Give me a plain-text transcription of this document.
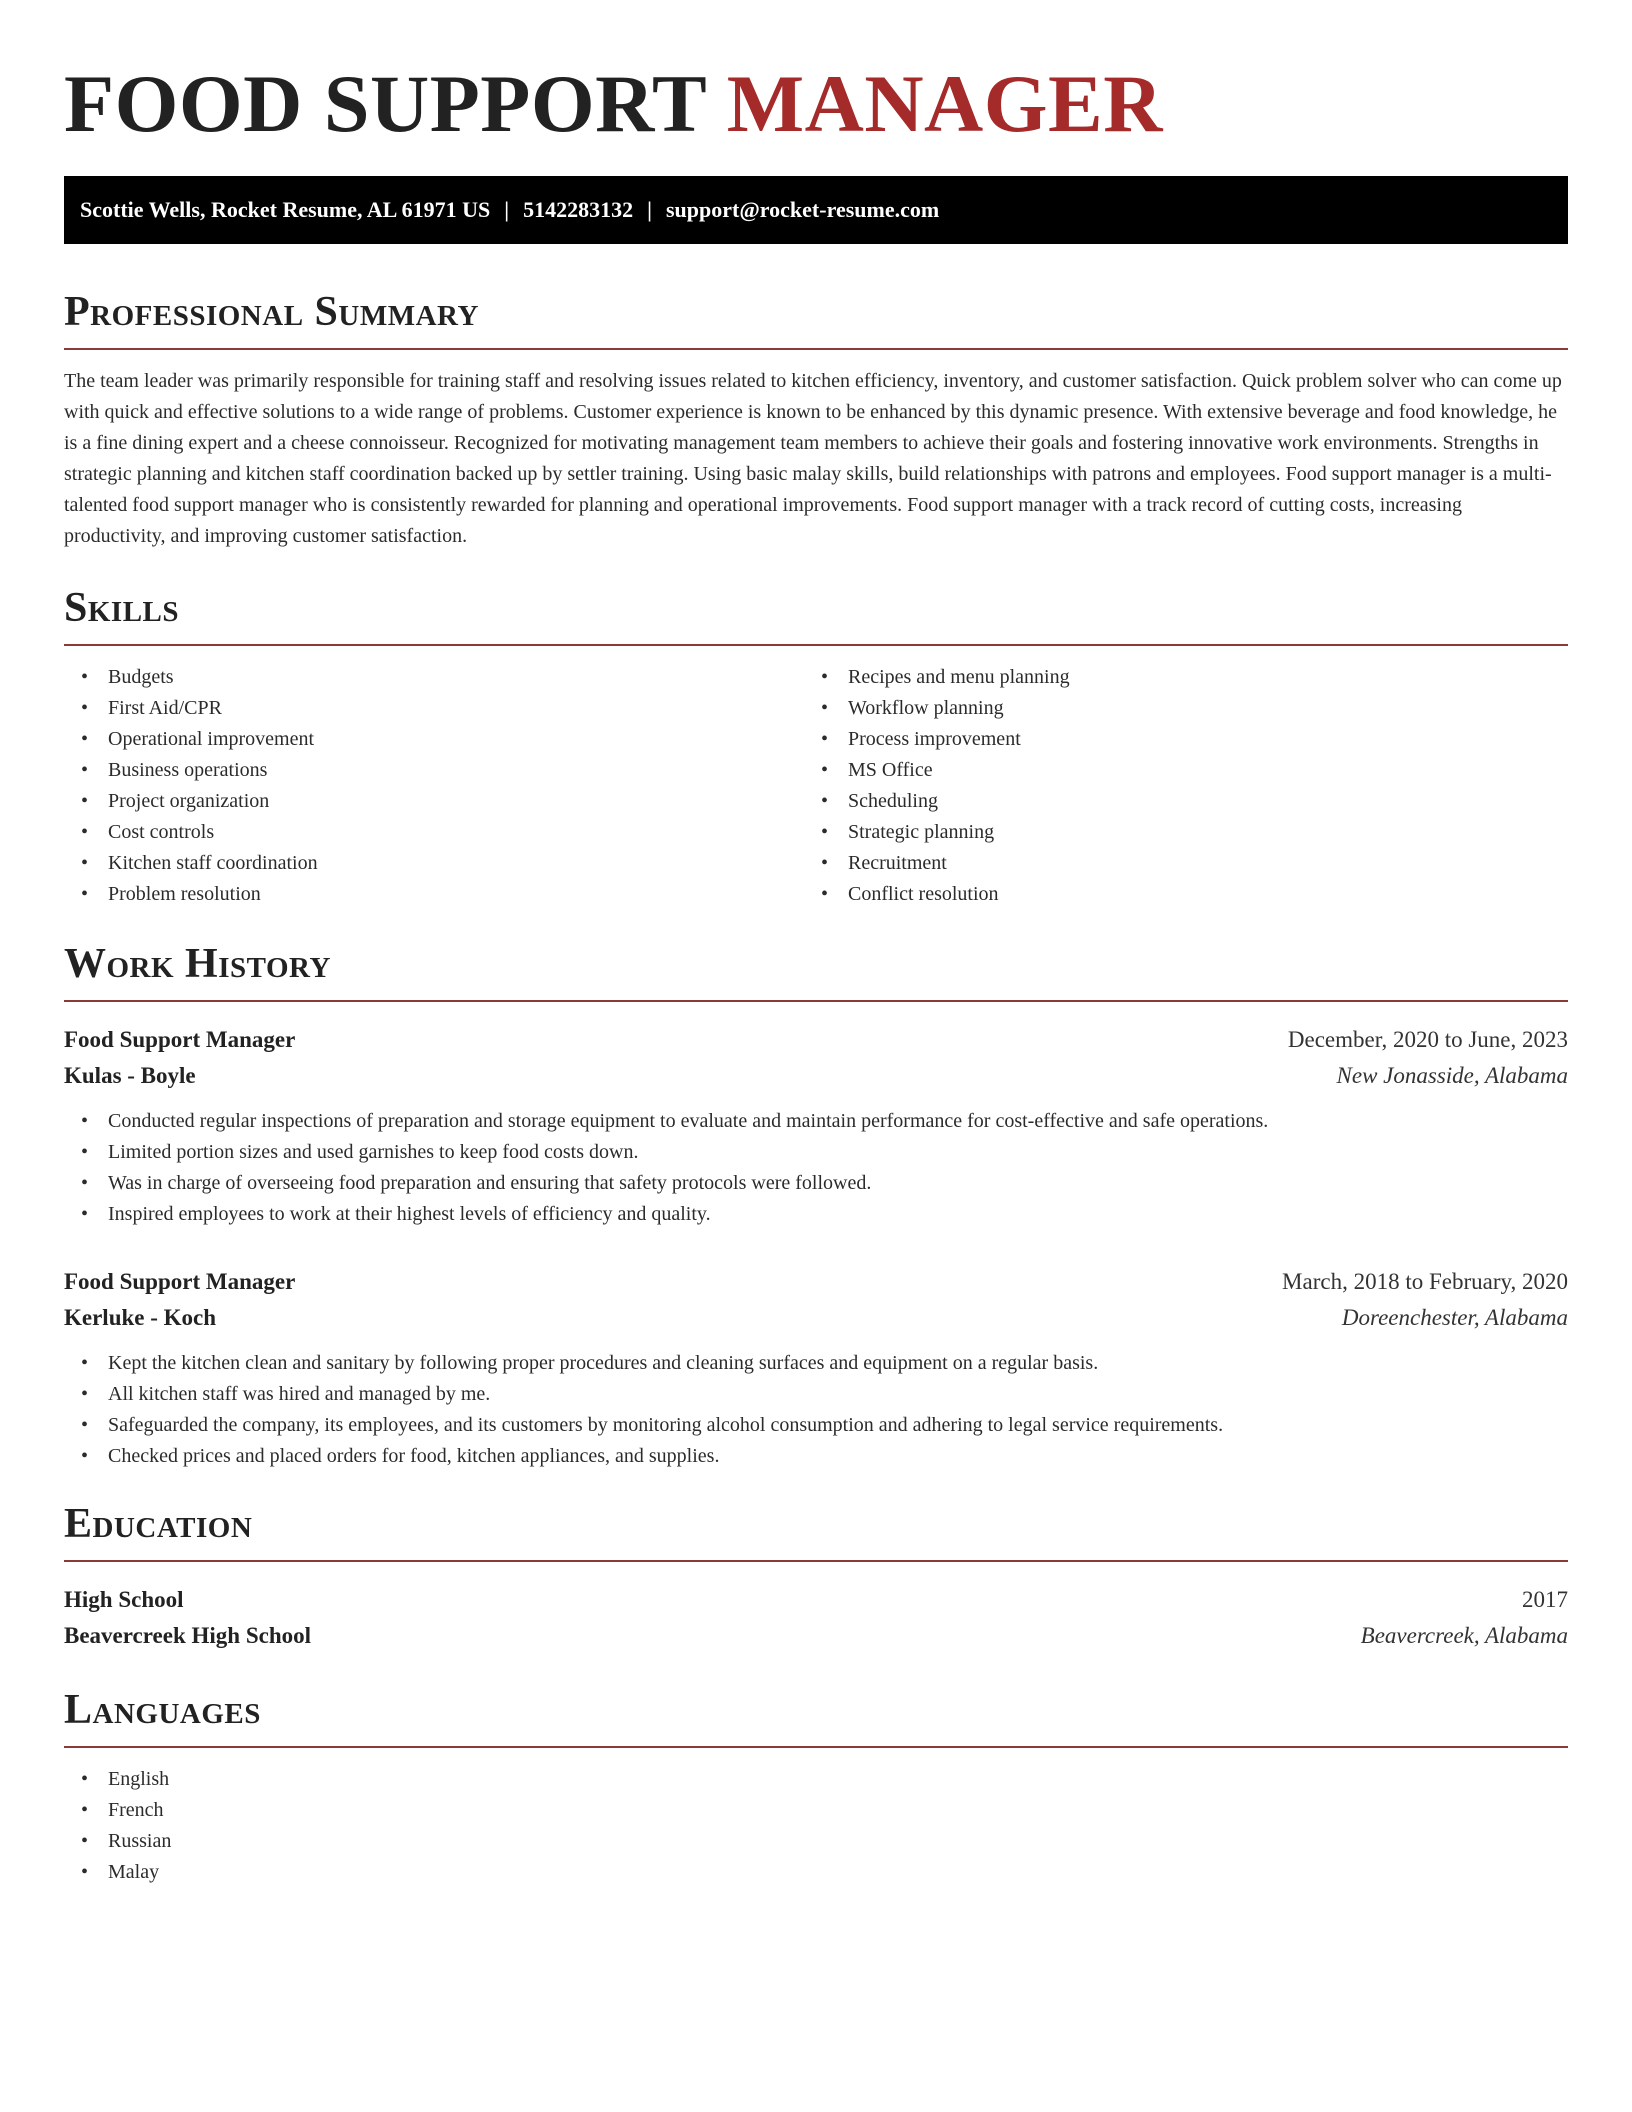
FOOD SUPPORT MANAGER
Scottie Wells, Rocket Resume, AL 61971 US | 5142283132 | support@rocket-resume.com
Professional Summary

The team leader was primarily responsible for training staff and resolving issues related to kitchen efficiency, inventory, and customer satisfaction. Quick problem solver who can come up with quick and effective solutions to a wide range of problems. Customer experience is known to be enhanced by this dynamic presence. With extensive beverage and food knowledge, he is a fine dining expert and a cheese connoisseur. Recognized for motivating management team members to achieve their goals and fostering innovative work environments. Strengths in strategic planning and kitchen staff coordination backed up by settler training. Using basic malay skills, build relationships with patrons and employees. Food support manager is a multi-talented food support manager who is consistently rewarded for planning and operational improvements. Food support manager with a track record of cutting costs, increasing productivity, and improving customer satisfaction.

Skills
• Budgets
• First Aid/CPR
• Operational improvement
• Business operations
• Project organization
• Cost controls
• Kitchen staff coordination
• Problem resolution
• Recipes and menu planning
• Workflow planning
• Process improvement
• MS Office
• Scheduling
• Strategic planning
• Recruitment
• Conflict resolution
Work History
Food Support Manager	December, 2020 to June, 2023
Kulas - Boyle	New Jonasside, Alabama
• Conducted regular inspections of preparation and storage equipment to evaluate and maintain performance for cost-effective and safe operations.
• Limited portion sizes and used garnishes to keep food costs down.
• Was in charge of overseeing food preparation and ensuring that safety protocols were followed.
• Inspired employees to work at their highest levels of efficiency and quality.
Food Support Manager	March, 2018 to February, 2020
Kerluke - Koch	Doreenchester, Alabama
• Kept the kitchen clean and sanitary by following proper procedures and cleaning surfaces and equipment on a regular basis.
• All kitchen staff was hired and managed by me.
• Safeguarded the company, its employees, and its customers by monitoring alcohol consumption and adhering to legal service requirements.
• Checked prices and placed orders for food, kitchen appliances, and supplies.
Education
High School	2017
Beavercreek High School	Beavercreek, Alabama
Languages
• English
• French
• Russian
• Malay
